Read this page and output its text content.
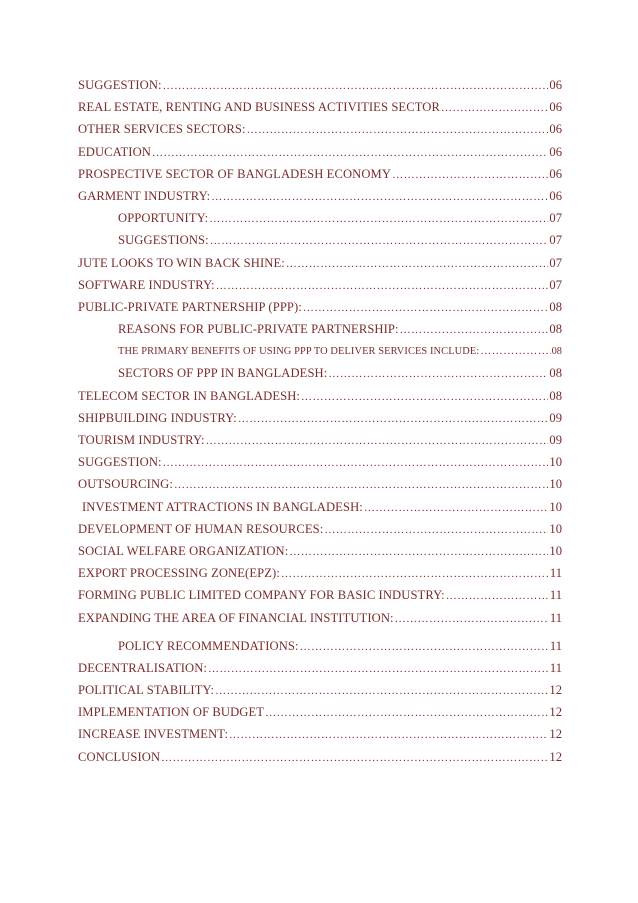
SUGGESTION: ……………………………………………………………………………………………………………………………………………………………………………………	06
REAL ESTATE, RENTING AND BUSINESS ACTIVITIES SECTOR ……………………………………………………………………………………………………………………………………………………………………………………	06
OTHER SERVICES SECTORS: ……………………………………………………………………………………………………………………………………………………………………………………	06
EDUCATION ……………………………………………………………………………………………………………………………………………………………………………………	06
PROSPECTIVE SECTOR OF BANGLADESH ECONOMY ……………………………………………………………………………………………………………………………………………………………………………………	06
GARMENT INDUSTRY: ……………………………………………………………………………………………………………………………………………………………………………………	06
OPPORTUNITY: ……………………………………………………………………………………………………………………………………………………………………………………	07
SUGGESTIONS: ……………………………………………………………………………………………………………………………………………………………………………………	07
JUTE LOOKS TO WIN BACK SHINE: ……………………………………………………………………………………………………………………………………………………………………………………	07
SOFTWARE INDUSTRY: ……………………………………………………………………………………………………………………………………………………………………………………	07
PUBLIC-PRIVATE PARTNERSHIP (PPP): ……………………………………………………………………………………………………………………………………………………………………………………	08
REASONS FOR PUBLIC-PRIVATE PARTNERSHIP: ……………………………………………………………………………………………………………………………………………………………………………………	08
THE PRIMARY BENEFITS OF USING PPP TO DELIVER SERVICES INCLUDE: ……………………………………………………………………………………………………………………………………………………………………………………	08
SECTORS OF PPP IN BANGLADESH: ……………………………………………………………………………………………………………………………………………………………………………………	08
TELECOM SECTOR IN BANGLADESH: ……………………………………………………………………………………………………………………………………………………………………………………	08
SHIPBUILDING INDUSTRY: ……………………………………………………………………………………………………………………………………………………………………………………	09
TOURISM INDUSTRY: ……………………………………………………………………………………………………………………………………………………………………………………	09
SUGGESTION: ……………………………………………………………………………………………………………………………………………………………………………………	10
OUTSOURCING: ……………………………………………………………………………………………………………………………………………………………………………………	10
INVESTMENT ATTRACTIONS IN BANGLADESH: ……………………………………………………………………………………………………………………………………………………………………………………	10
DEVELOPMENT OF HUMAN RESOURCES: ……………………………………………………………………………………………………………………………………………………………………………………	10
SOCIAL WELFARE ORGANIZATION: ……………………………………………………………………………………………………………………………………………………………………………………	10
EXPORT PROCESSING ZONE(EPZ): ……………………………………………………………………………………………………………………………………………………………………………………	11
FORMING PUBLIC LIMITED COMPANY FOR BASIC INDUSTRY: ……………………………………………………………………………………………………………………………………………………………………………………	11
EXPANDING THE AREA OF FINANCIAL INSTITUTION: ……………………………………………………………………………………………………………………………………………………………………………………	11
POLICY RECOMMENDATIONS: ……………………………………………………………………………………………………………………………………………………………………………………	11
DECENTRALISATION: ……………………………………………………………………………………………………………………………………………………………………………………	11
POLITICAL STABILITY: ……………………………………………………………………………………………………………………………………………………………………………………	12
IMPLEMENTATION OF BUDGET ……………………………………………………………………………………………………………………………………………………………………………………	12
INCREASE INVESTMENT: ……………………………………………………………………………………………………………………………………………………………………………………	12
CONCLUSION ……………………………………………………………………………………………………………………………………………………………………………………	12
